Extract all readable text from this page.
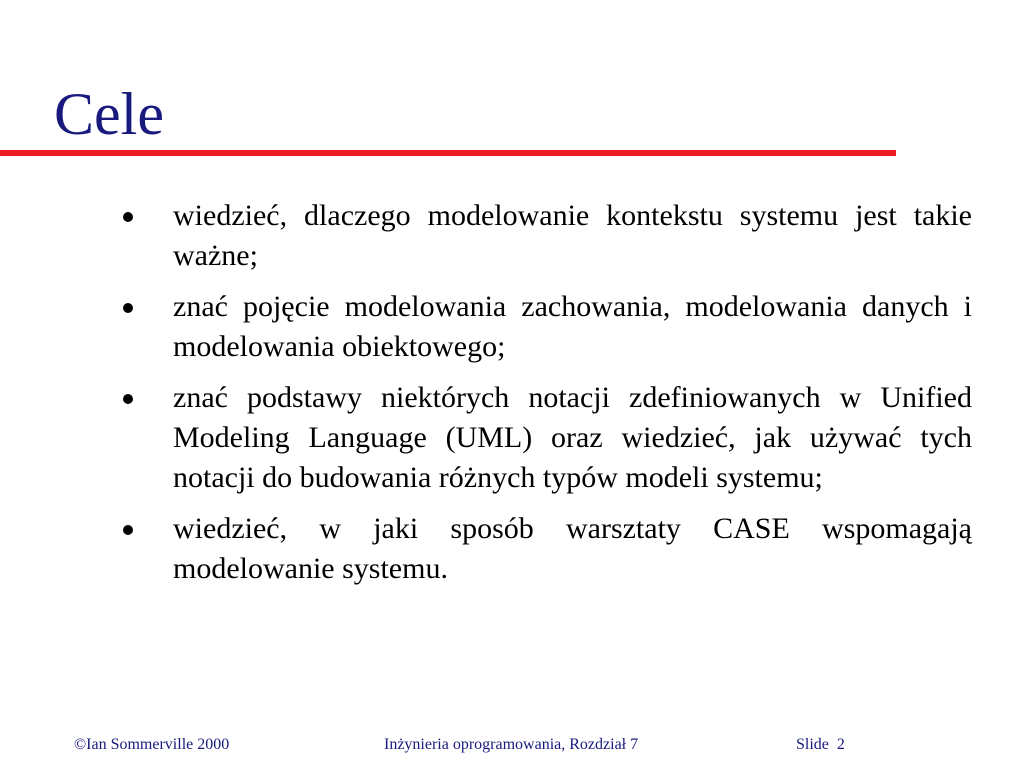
Cele
wiedzieć, dlaczego modelowanie kontekstu systemu jest takie ważne;
znać pojęcie modelowania zachowania, modelowania danych i modelowania obiektowego;
znać podstawy niektórych notacji zdefiniowanych w Unified Modeling Language (UML) oraz wiedzieć, jak używać tych notacji do budowania różnych typów modeli systemu;
wiedzieć, w jaki sposób warsztaty CASE wspomagają modelowanie systemu.

©Ian Sommerville 2000	Inżynieria oprogramowania, Rozdział 7	Slide  2
